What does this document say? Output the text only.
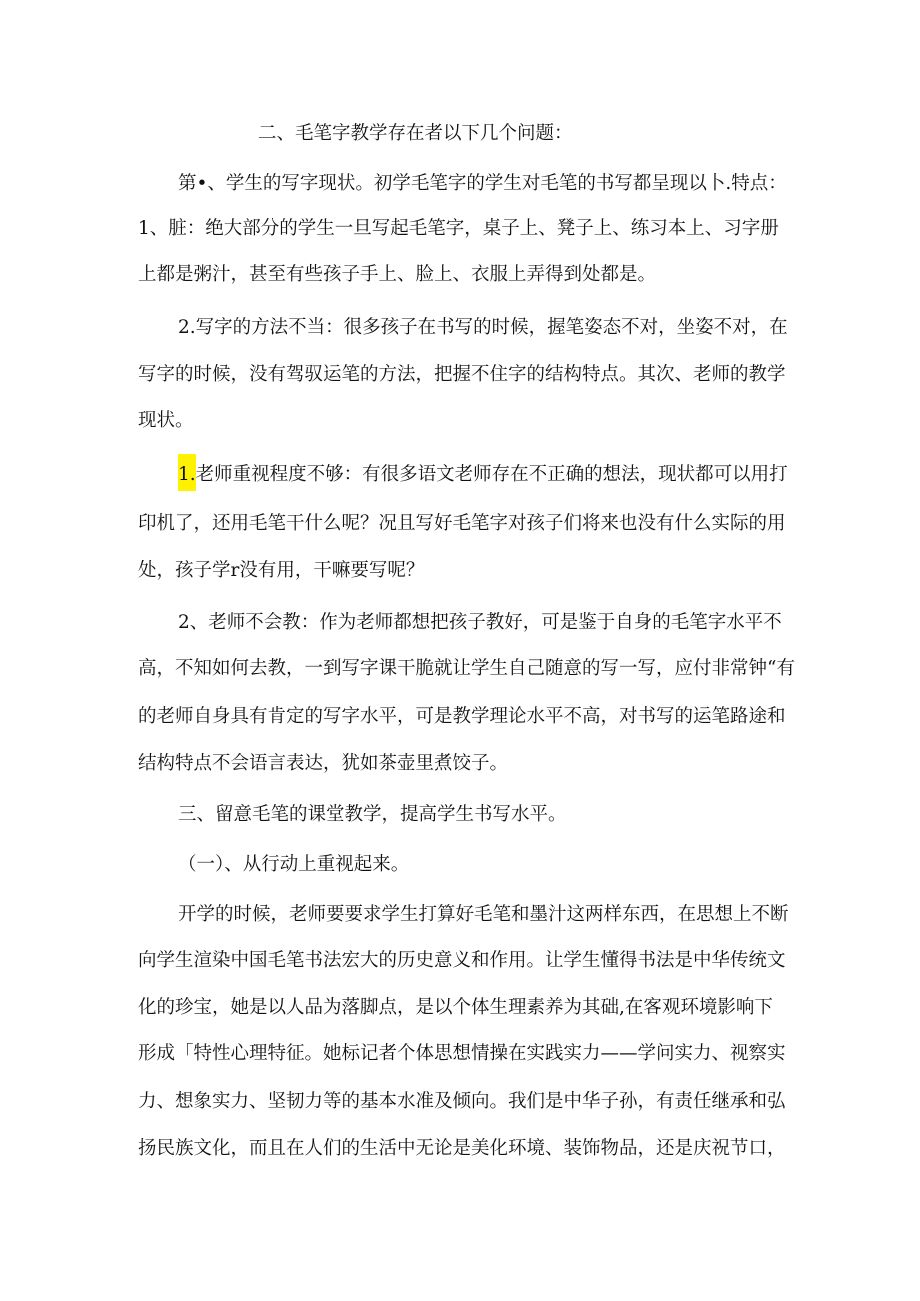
二、毛笔字教学存在者以下几个问题：
第•、学生的写字现状。初学毛笔字的学生对毛笔的书写都呈现以卜.特点：
1、脏：绝大部分的学生一旦写起毛笔字，桌子上、凳子上、练习本上、习字册
上都是粥汁，甚至有些孩子手上、脸上、衣服上弄得到处都是。
2.写字的方法不当：很多孩子在书写的时候，握笔姿态不对，坐姿不对，在
写字的时候，没有驾驭运笔的方法，把握不住字的结构特点。其次、老师的教学
现状。
1.老师重视程度不够：有很多语文老师存在不正确的想法，现状都可以用打
印机了，还用毛笔干什么呢？况且写好毛笔字对孩子们将来也没有什么实际的用
处，孩子学r没有用，干嘛要写呢？
2、老师不会教：作为老师都想把孩子教好，可是鉴于自身的毛笔字水平不
高，不知如何去教，一到写字课干脆就让学生自己随意的写一写，应付非常钟“有
的老师自身具有肯定的写字水平，可是教学理论水平不高，对书写的运笔路途和
结构特点不会语言表达，犹如茶壶里煮饺子。
三、留意毛笔的课堂教学，提高学生书写水平。
（一）、从行动上重视起来。
开学的时候，老师要要求学生打算好毛笔和墨汁这两样东西，在思想上不断
向学生渲染中国毛笔书法宏大的历史意义和作用。让学生懂得书法是中华传统文
化的珍宝，她是以人品为落脚点，是以个体生理素养为其础,在客观环境影响下
形成「特性心理特征。她标记者个体思想情操在实践实力——学问实力、视察实
力、想象实力、坚韧力等的基本水准及倾向。我们是中华子孙，有责任继承和弘
扬民族文化，而且在人们的生活中无论是美化环境、装饰物品，还是庆祝节口，
